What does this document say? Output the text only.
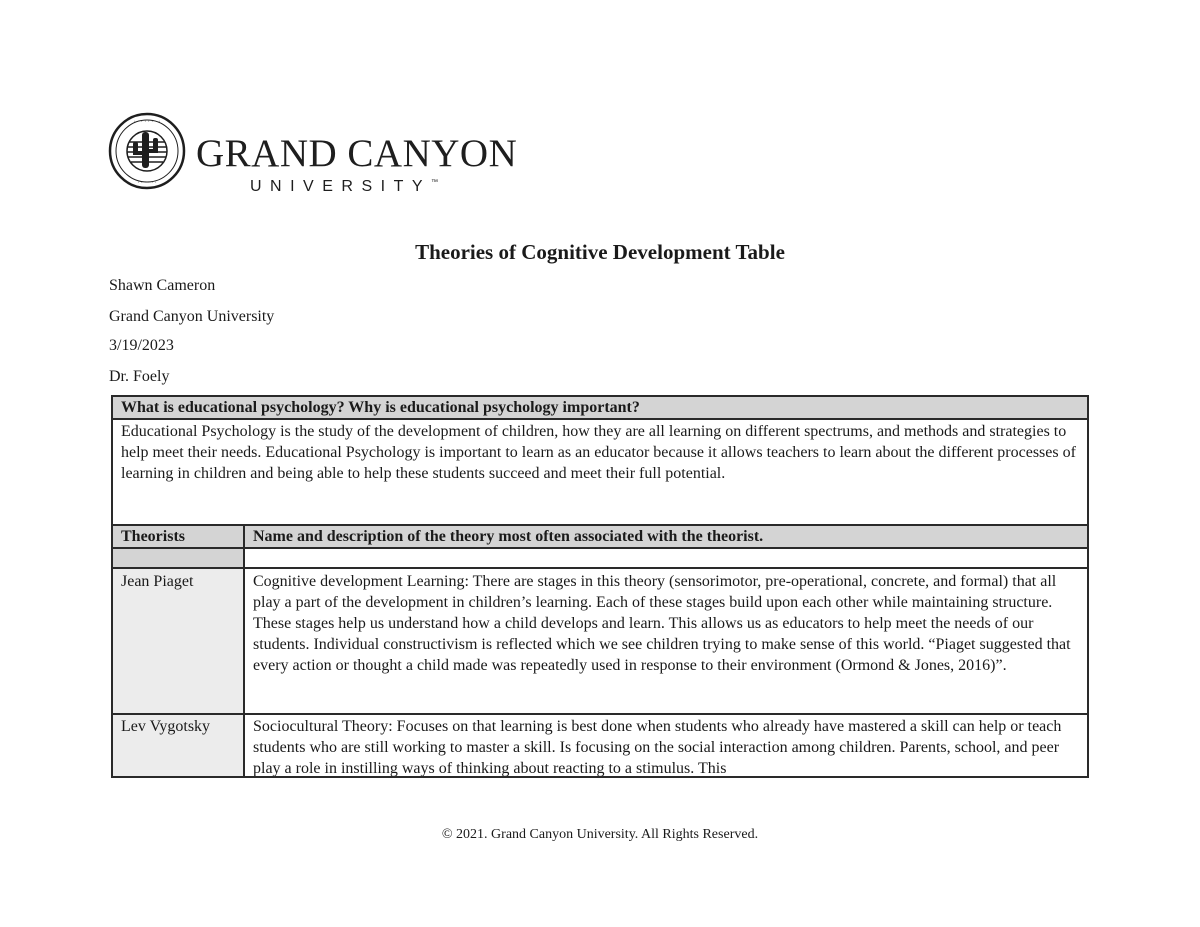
· · · · · · · ·
· · · · · ·
GRAND CANYON
UNIVERSITY™
Theories of Cognitive Development Table
Shawn Cameron
Grand Canyon University
3/19/2023
Dr. Foely
What is educational psychology? Why is educational psychology important?	
Educational Psychology is the study of the development of children, how they are all learning on different spectrums, and methods and strategies to help meet their needs. Educational Psychology is important to learn as an educator because it allows teachers to learn about the different processes of learning in children and being able to help these students succeed and meet their full potential.	
Theorists	Name and description of the theory most often associated with the theorist.

Jean Piaget	Cognitive development Learning: There are stages in this theory (sensorimotor, pre-operational, concrete, and formal) that all play a part of the development in children’s learning. Each of these stages build upon each other while maintaining structure. These stages help us understand how a child develops and learn. This allows us as educators to help meet the needs of our students. Individual constructivism is reflected which we see children trying to make sense of this world. “Piaget suggested that every action or thought a child made was repeatedly used in response to their environment (Ormond & Jones, 2016)”.
Lev Vygotsky	Sociocultural Theory: Focuses on that learning is best done when students who already have mastered a skill can help or teach students who are still working to master a skill. Is focusing on the social interaction among children. Parents, school, and peer play a role in instilling ways of thinking about reacting to a stimulus. This
© 2021. Grand Canyon University. All Rights Reserved.
